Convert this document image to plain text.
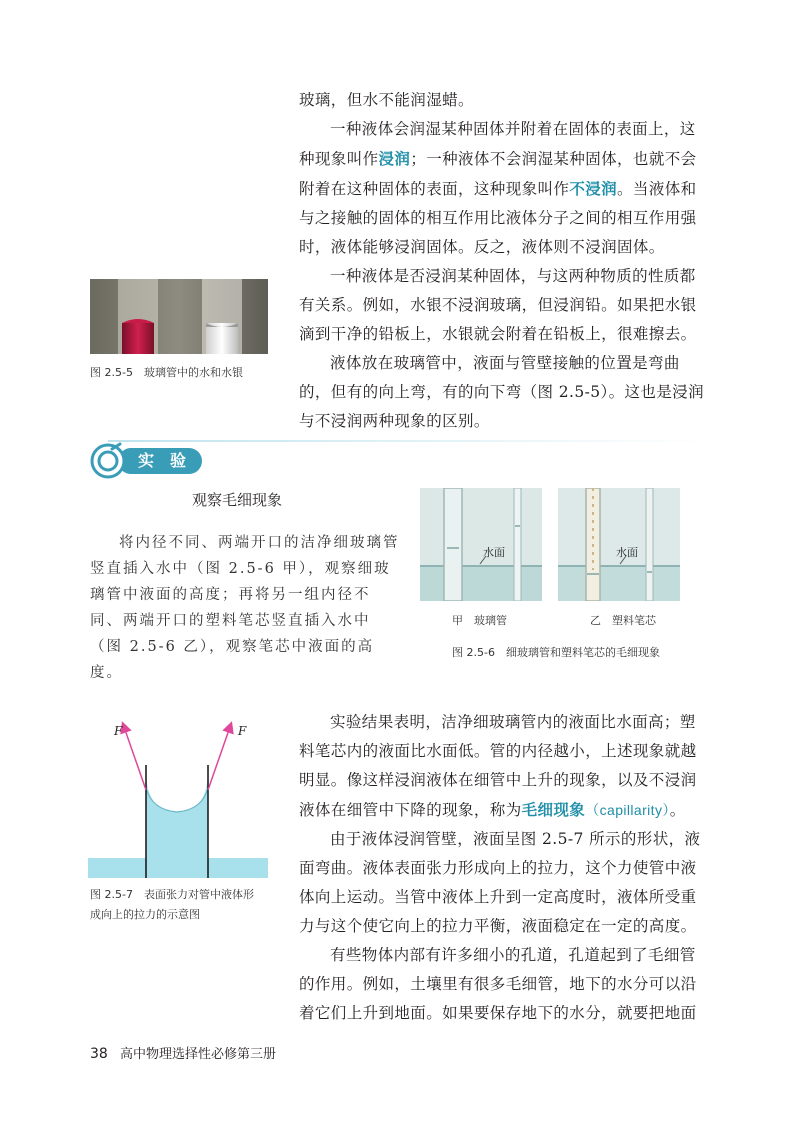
玻璃，但水不能润湿蜡。

一种液体会润湿某种固体并附着在固体的表面上，这种现象叫作浸润；一种液体不会润湿某种固体，也就不会附着在这种固体的表面，这种现象叫作不浸润。当液体和与之接触的固体的相互作用比液体分子之间的相互作用强时，液体能够浸润固体。反之，液体则不浸润固体。

一种液体是否浸润某种固体，与这两种物质的性质都有关系。例如，水银不浸润玻璃，但浸润铅。如果把水银滴到干净的铅板上，水银就会附着在铅板上，很难擦去。

液体放在玻璃管中，液面与管壁接触的位置是弯曲的，但有的向上弯，有的向下弯（图 2.5-5）。这也是浸润与不浸润两种现象的区别。

图 2.5-5　玻璃管中的水和水银
实　验
观察毛细现象

将内径不同、两端开口的洁净细玻璃管竖直插入水中（图 2.5-6 甲），观察细玻璃管中液面的高度；再将另一组内径不同、两端开口的塑料笔芯竖直插入水中（图 2.5-6 乙），观察笔芯中液面的高度。

水面
甲　玻璃管
水面
乙　塑料笔芯
图 2.5-6　细玻璃管和塑料笔芯的毛细现象
F	F
图 2.5-7　表面张力对管中液体形
成向上的拉力的示意图

实验结果表明，洁净细玻璃管内的液面比水面高；塑料笔芯内的液面比水面低。管的内径越小，上述现象就越明显。像这样浸润液体在细管中上升的现象，以及不浸润液体在细管中下降的现象，称为毛细现象（capillarity）。

由于液体浸润管壁，液面呈图 2.5-7 所示的形状，液面弯曲。液体表面张力形成向上的拉力，这个力使管中液体向上运动。当管中液体上升到一定高度时，液体所受重力与这个使它向上的拉力平衡，液面稳定在一定的高度。

有些物体内部有许多细小的孔道，孔道起到了毛细管的作用。例如，土壤里有很多毛细管，地下的水分可以沿着它们上升到地面。如果要保存地下的水分，就要把地面

38 高中物理选择性必修第三册
